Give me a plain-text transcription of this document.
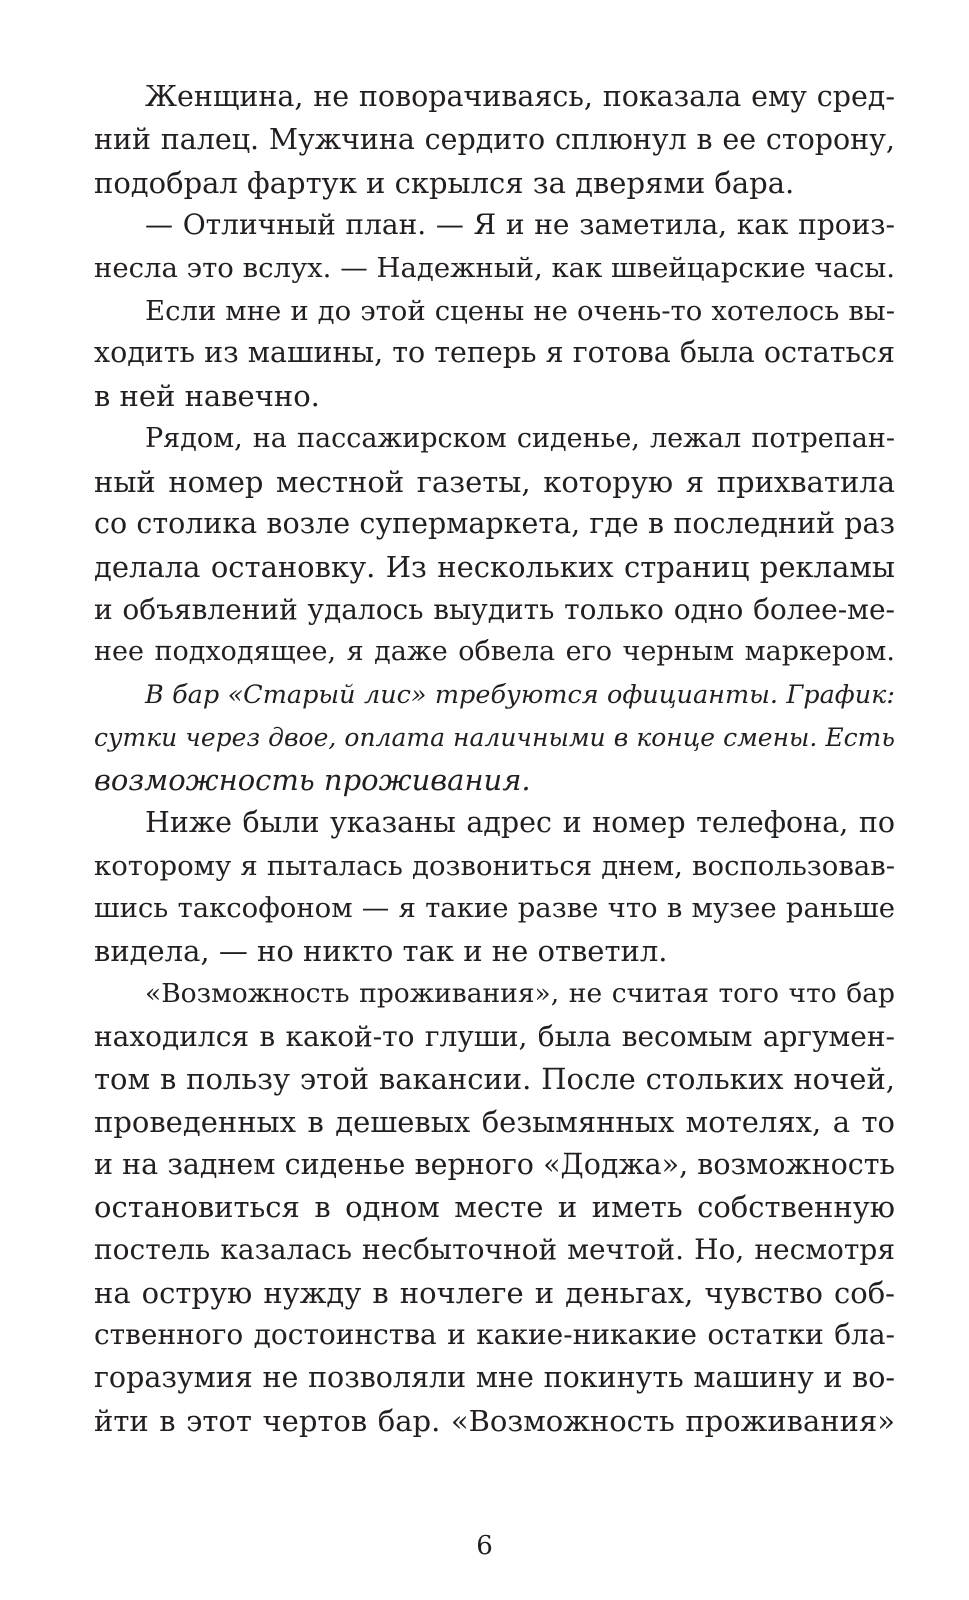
Женщина, не поворачиваясь, показала ему сред-
ний палец. Мужчина сердито сплюнул в ее сторону,
подобрал фартук и скрылся за дверями бара.
— Отличный план. — Я и не заметила, как произ-
несла это вслух. — Надежный, как швейцарские часы.
Если мне и до этой сцены не очень-то хотелось вы-
ходить из машины, то теперь я готова была остаться
в ней навечно.
Рядом, на пассажирском сиденье, лежал потрепан-
ный номер местной газеты, которую я прихватила
со столика возле супермаркета, где в последний раз
делала остановку. Из нескольких страниц рекламы
и объявлений удалось выудить только одно более-ме-
нее подходящее, я даже обвела его черным маркером.
В бар «Старый лис» требуются официанты. График:
сутки через двое, оплата наличными в конце смены. Есть
возможность проживания.
Ниже были указаны адрес и номер телефона, по
которому я пыталась дозвониться днем, воспользовав-
шись таксофоном — я такие разве что в музее раньше
видела, — но никто так и не ответил.
«Возможность проживания», не считая того что бар
находился в какой-то глуши, была весомым аргумен-
том в пользу этой вакансии. После стольких ночей,
проведенных в дешевых безымянных мотелях, а то
и на заднем сиденье верного «Доджа», возможность
остановиться в одном месте и иметь собственную
постель казалась несбыточной мечтой. Но, несмотря
на острую нужду в ночлеге и деньгах, чувство соб-
ственного достоинства и какие-никакие остатки бла-
горазумия не позволяли мне покинуть машину и во-
йти в этот чертов бар. «Возможность проживания»
6
